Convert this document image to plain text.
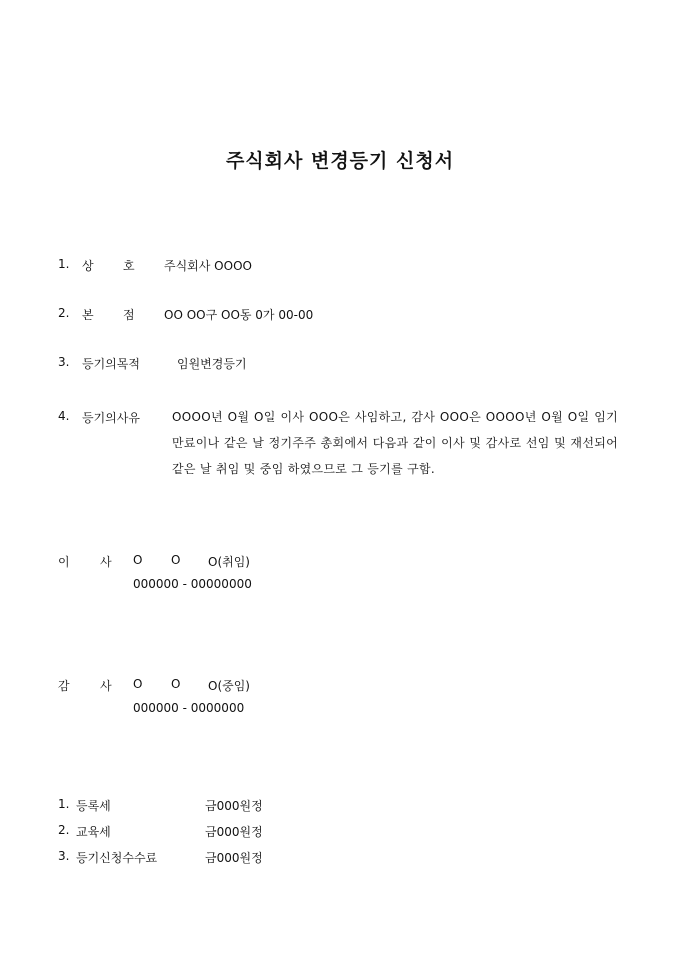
주식회사 변경등기 신청서
1. 상 호 주식회사 OOOO
2. 본 점 OO OO구 OO동 0가 00-00
3. 등기의목적	임원변경등기
4. 등기의사유	OOOO년 O월 O일 이사 OOO은 사임하고, 감사 OOO은 OOOO년 O월 O일 임기만료이나 같은 날 정기주주 총회에서 다음과 같이 이사 및 감사로 선임 및 재선되어 같은 날 취임 및 중임 하였으므로 그 등기를 구함.
이	사 O O O(취임)
000000 - 00000000
감	사 O O O(중임)
000000 - 0000000
1. 등록세	금000원정
2. 교육세	금000원정
3. 등기신청수수료	금000원정
